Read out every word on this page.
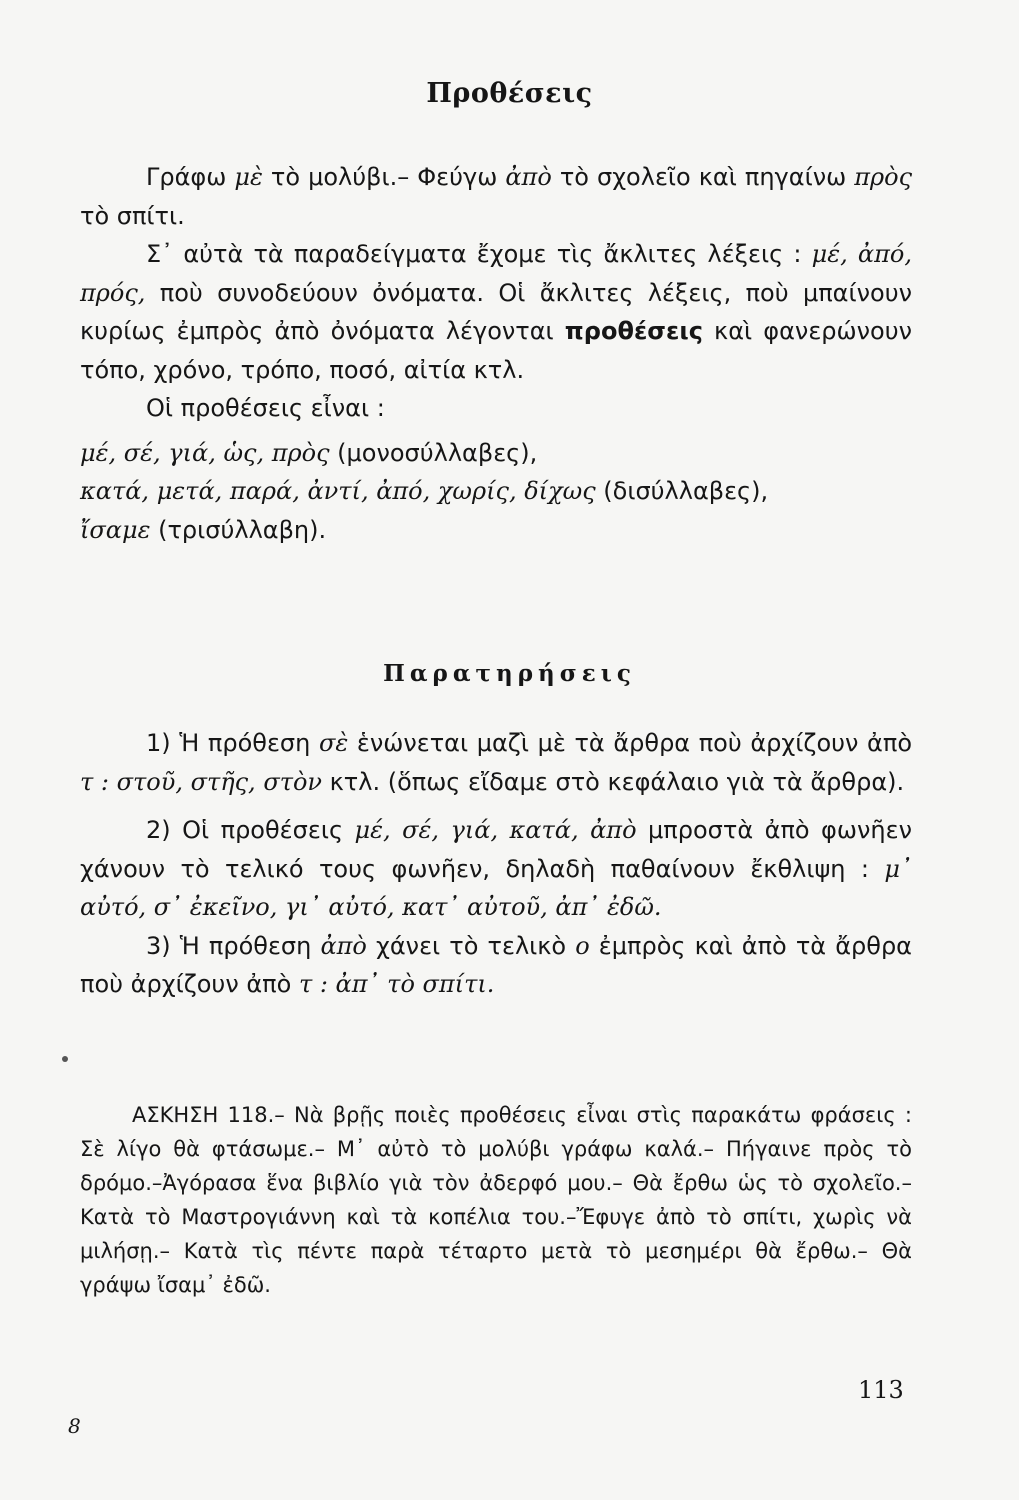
Προθέσεις

Γράφω μὲ τὸ μολύβι.– Φεύγω ἀπὸ τὸ σχολεῖο καὶ πηγαίνω πρὸς τὸ σπίτι.

Σ᾽ αὐτὰ τὰ παραδείγματα ἔχομε τὶς ἄκλιτες λέξεις : μέ, ἀπό, πρός, ποὺ συνοδεύουν ὀνόματα. Οἱ ἄκλιτες λέξεις, ποὺ μπαίνουν κυρίως ἐμπρὸς ἀπὸ ὀνόματα λέγονται προθέσεις καὶ φανερώνουν τόπο, χρόνο, τρόπο, ποσό, αἰτία κτλ.

Οἱ προθέσεις εἶναι :

μέ, σέ, γιά, ὡς, πρὸς (μονοσύλλαβες),

κατά, μετά, παρά, ἀντί, ἀπό, χωρίς, δίχως (δισύλλαβες),

ἴσαμε (τρισύλλαβη).

Παρατηρήσεις

1) Ἡ πρόθεση σὲ ἑνώνεται μαζὶ μὲ τὰ ἄρθρα ποὺ ἀρχίζουν ἀπὸ τ : στοῦ, στῆς, στὸν κτλ. (ὅπως εἴδαμε στὸ κεφάλαιο γιὰ τὰ ἄρθρα).

2) Οἱ προθέσεις μέ, σέ, γιά, κατά, ἀπὸ μπροστὰ ἀπὸ φωνῆεν χάνουν τὸ τελικό τους φωνῆεν, δηλαδὴ παθαίνουν ἔκθλιψη : μ᾽ αὐτό, σ᾽ ἐκεῖνο, γι᾽ αὐτό, κατ᾽ αὐτοῦ, ἀπ᾽ ἐδῶ.

3) Ἡ πρόθεση ἀπὸ χάνει τὸ τελικὸ ο ἐμπρὸς καὶ ἀπὸ τὰ ἄρθρα ποὺ ἀρχίζουν ἀπὸ τ : ἀπ᾽ τὸ σπίτι.

ΑΣΚΗΣΗ 118.– Νὰ βρῇς ποιὲς προθέσεις εἶναι στὶς παρακάτω φράσεις : Σὲ λίγο θὰ φτάσωμε.– Μ᾽ αὐτὸ τὸ μολύβι γράφω καλά.– Πήγαινε πρὸς τὸ δρόμο.–Ἀγόρασα ἕνα βιβλίο γιὰ τὸν ἀδερφό μου.– Θὰ ἔρθω ὡς τὸ σχολεῖο.– Κατὰ τὸ Μαστρογιάννη καὶ τὰ κοπέλια του.–Ἔφυγε ἀπὸ τὸ σπίτι, χωρὶς νὰ μιλήσῃ.– Κατὰ τὶς πέντε παρὰ τέταρτο μετὰ τὸ μεσημέρι θὰ ἔρθω.– Θὰ γράψω ἴσαμ᾽ ἐδῶ.

113
8
